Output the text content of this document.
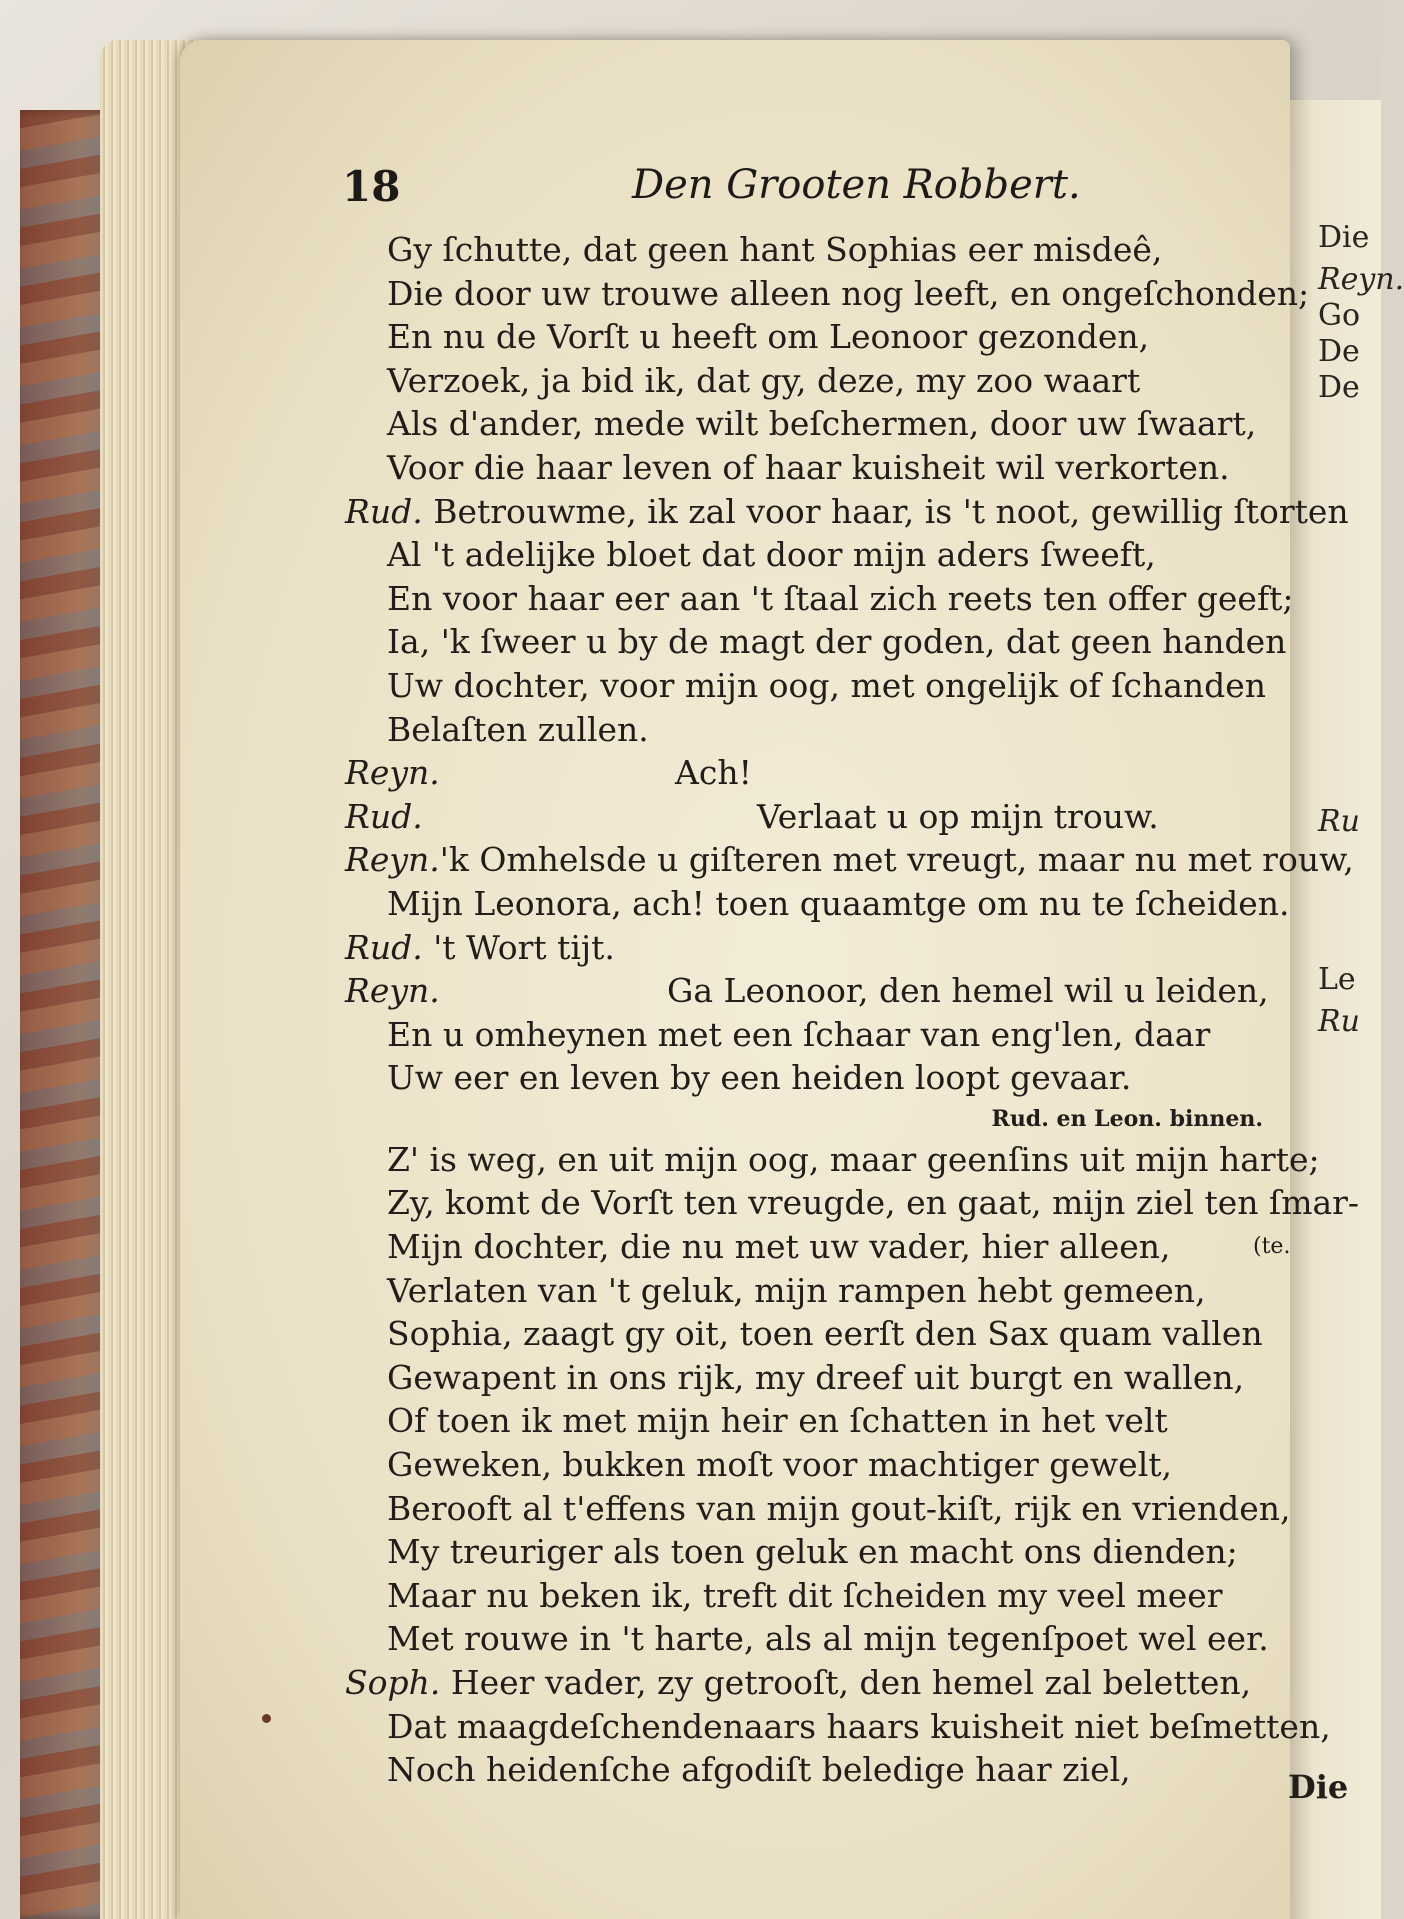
Die
Reyn.
Go
De
De
Ru
Le
Ru
18	Den Grooten Robbert.
Gy ſchutte, dat geen hant Sophias eer misdeê,
Die door uw trouwe alleen nog leeft, en ongeſchonden;
En nu de Vorſt u heeft om Leonoor gezonden,
Verzoek, ja bid ik, dat gy, deze, my zoo waart
Als d'ander, mede wilt beſchermen, door uw ſwaart,
Voor die haar leven of haar kuisheit wil verkorten.
Rud. Betrouwme, ik zal voor haar, is 't noot, gewillig ſtorten
Al 't adelijke bloet dat door mijn aders ſweeft,
En voor haar eer aan 't ſtaal zich reets ten offer geeft;
Ia, 'k ſweer u by de magt der goden, dat geen handen
Uw dochter, voor mijn oog, met ongelijk of ſchanden
Belaſten zullen.
Reyn.	Ach!
Rud.	Verlaat u op mijn trouw.
Reyn.'k Omhelsde u giſteren met vreugt, maar nu met rouw,
Mijn Leonora, ach! toen quaamtge om nu te ſcheiden.
Rud. 't Wort tijt.
Reyn.	Ga Leonoor, den hemel wil u leiden,
En u omheynen met een ſchaar van eng'len, daar
Uw eer en leven by een heiden loopt gevaar.
Rud. en Leon. binnen.
Z' is weg, en uit mijn oog, maar geenſins uit mijn harte;
Zy, komt de Vorſt ten vreugde, en gaat, mijn ziel ten ſmar-
Mijn dochter, die nu met uw vader, hier alleen,	(te.
Verlaten van 't geluk, mijn rampen hebt gemeen,
Sophia, zaagt gy oit, toen eerſt den Sax quam vallen
Gewapent in ons rijk, my dreef uit burgt en wallen,
Of toen ik met mijn heir en ſchatten in het velt
Geweken, bukken moſt voor machtiger gewelt,
Berooft al t'effens van mijn gout-kiſt, rijk en vrienden,
My treuriger als toen geluk en macht ons dienden;
Maar nu beken ik, treft dit ſcheiden my veel meer
Met rouwe in 't harte, als al mijn tegenſpoet wel eer.
Soph. Heer vader, zy getrooſt, den hemel zal beletten,
Dat maagdeſchendenaars haars kuisheit niet beſmetten,
Noch heidenſche afgodiſt beledige haar ziel,	Die
